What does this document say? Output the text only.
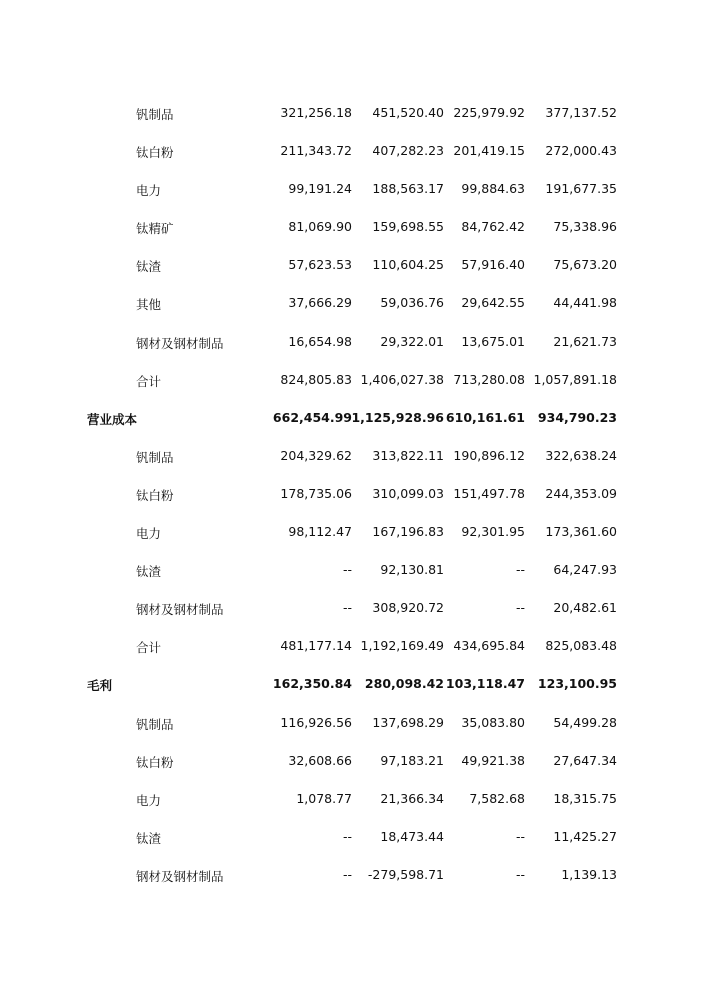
钒制品	321,256.18 451,520.40 225,979.92 377,137.52
钛白粉	211,343.72 407,282.23 201,419.15 272,000.43
电力	99,191.24 188,563.17 99,884.63 191,677.35
钛精矿	81,069.90 159,698.55 84,762.42 75,338.96
钛渣	57,623.53 110,604.25 57,916.40 75,673.20
其他	37,666.29 59,036.76 29,642.55 44,441.98
钢材及钢材制品	16,654.98 29,322.01 13,675.01 21,621.73
合计	824,805.83 1,406,027.38 713,280.08 1,057,891.18
营业成本	662,454.99 1,125,928.96 610,161.61 934,790.23
钒制品	204,329.62 313,822.11 190,896.12 322,638.24
钛白粉	178,735.06 310,099.03 151,497.78 244,353.09
电力	98,112.47 167,196.83 92,301.95 173,361.60
钛渣	-- 92,130.81	-- 64,247.93
钢材及钢材制品	-- 308,920.72	-- 20,482.61
合计	481,177.14 1,192,169.49 434,695.84 825,083.48
毛利	162,350.84 280,098.42 103,118.47 123,100.95
钒制品	116,926.56 137,698.29 35,083.80 54,499.28
钛白粉	32,608.66 97,183.21 49,921.38 27,647.34
电力	1,078.77 21,366.34 7,582.68 18,315.75
钛渣	-- 18,473.44	-- 11,425.27
钢材及钢材制品	-- -279,598.71	--	1,139.13
